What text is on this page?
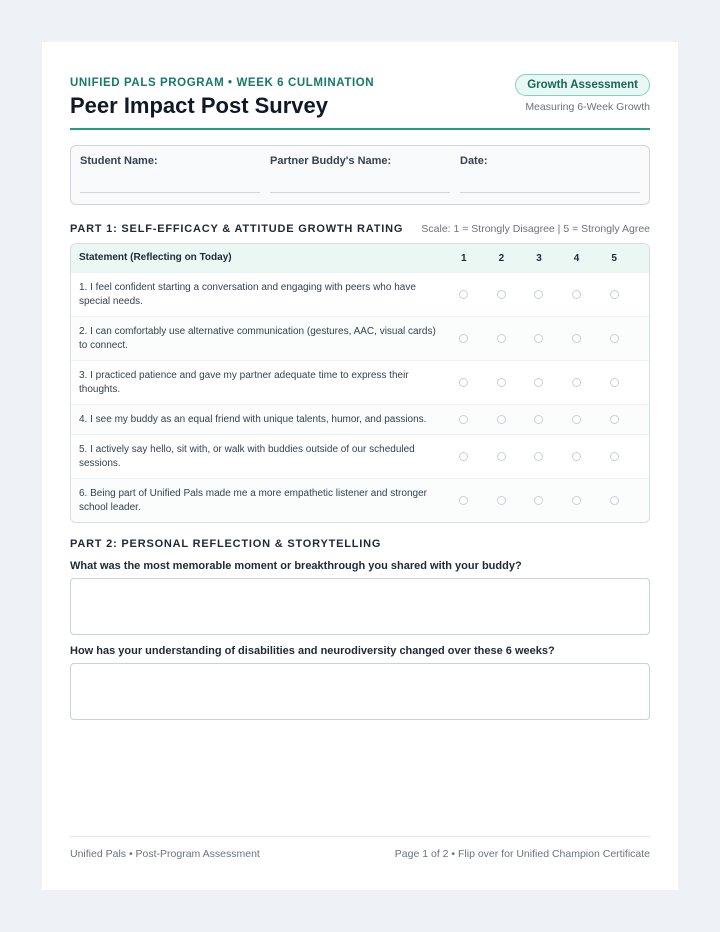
UNIFIED PALS PROGRAM • WEEK 6 CULMINATION
Peer Impact Post Survey
Growth Assessment
Measuring 6-Week Growth
Student Name:	Partner Buddy's Name:	Date:
PART 1: SELF-EFFICACY & ATTITUDE GROWTH RATING Scale: 1 = Strongly Disagree | 5 = Strongly Agree
Statement (Reflecting on Today)	1	2	3	4	5
1. I feel confident starting a conversation and engaging with peers who have special needs.
2. I can comfortably use alternative communication (gestures, AAC, visual cards) to connect.
3. I practiced patience and gave my partner adequate time to express their thoughts.
4. I see my buddy as an equal friend with unique talents, humor, and passions.
5. I actively say hello, sit with, or walk with buddies outside of our scheduled sessions.
6. Being part of Unified Pals made me a more empathetic listener and stronger school leader.
PART 2: PERSONAL REFLECTION & STORYTELLING
What was the most memorable moment or breakthrough you shared with your buddy?
How has your understanding of disabilities and neurodiversity changed over these 6 weeks?
Unified Pals • Post-Program Assessment	Page 1 of 2 • Flip over for Unified Champion Certificate
